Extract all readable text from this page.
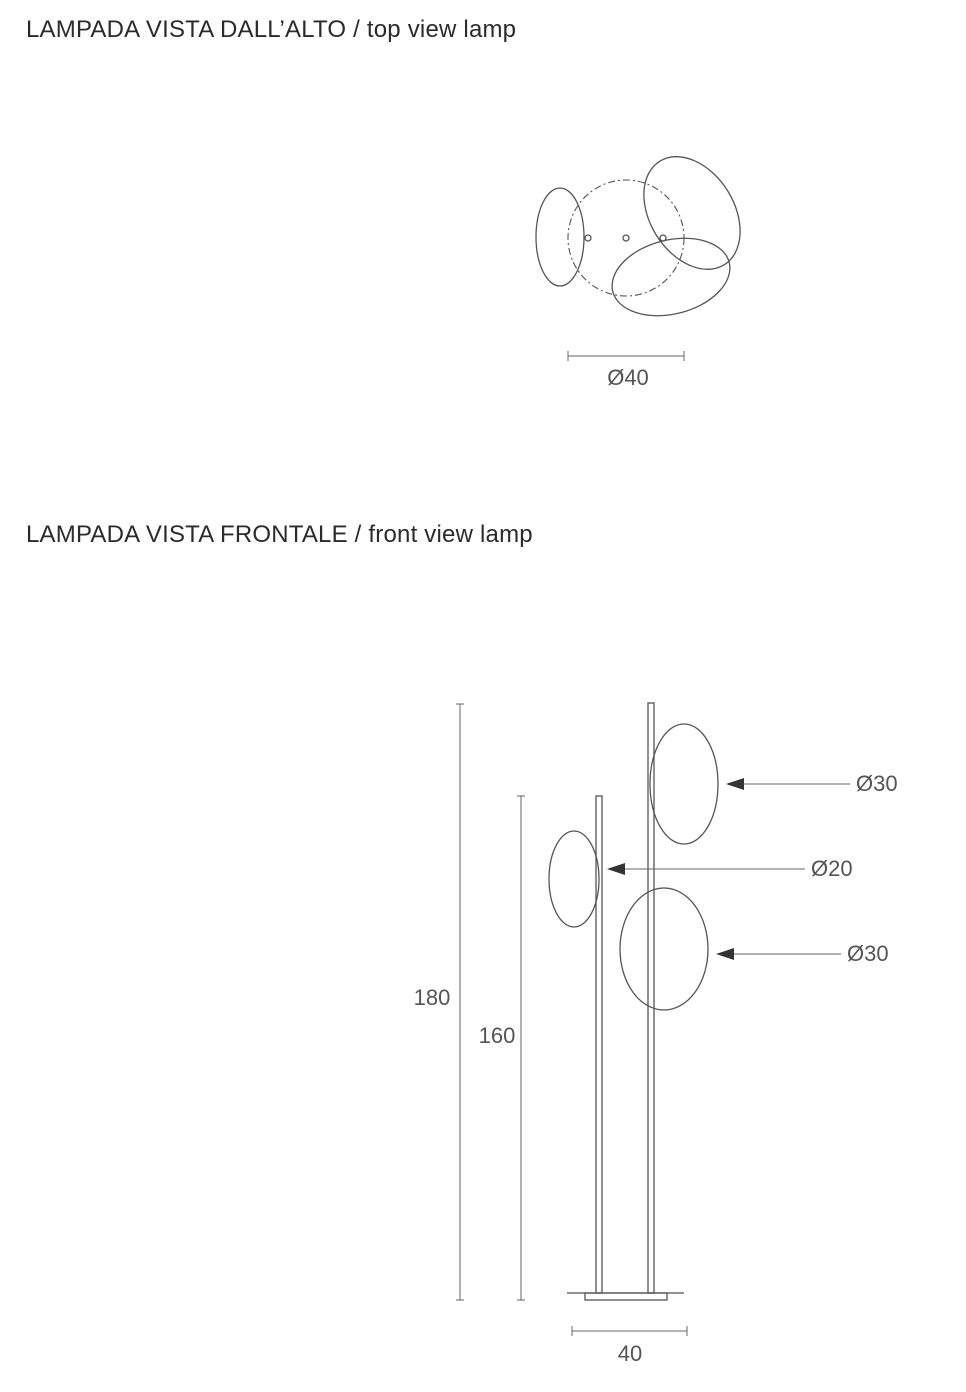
LAMPADA VISTA DALL’ALTO / top view lamp
LAMPADA VISTA FRONTALE / front view lamp
Ø40
180
160
40
Ø30
Ø20
Ø30
